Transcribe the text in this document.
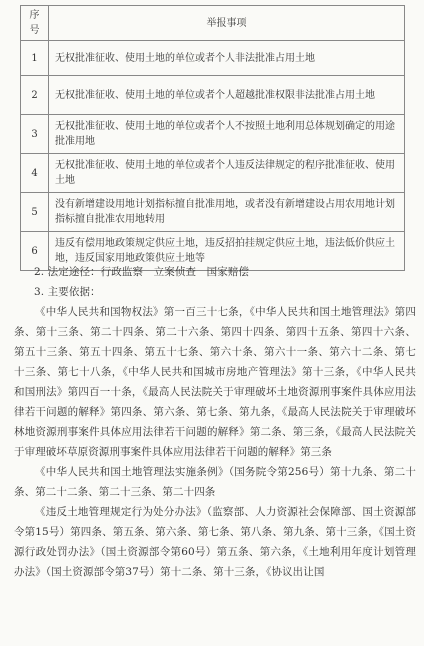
序号	举报事项
1	无权批准征收、使用土地的单位或者个人非法批准占用土地
2	无权批准征收、使用土地的单位或者个人超越批准权限非法批准占用土地
3	无权批准征收、使用土地的单位或者个人不按照土地利用总体规划确定的用途批准用地
4	无权批准征收、使用土地的单位或者个人违反法律规定的程序批准征收、使用土地
5	没有新增建设用地计划指标擅自批准用地，或者没有新增建设占用农用地计划指标擅自批准农用地转用
6	违反有偿用地政策规定供应土地，违反招拍挂规定供应土地，违法低价供应土地，违反国家用地政策供应土地等

2. 法定途径：行政监察　立案侦查　国家赔偿

3. 主要依据：

《中华人民共和国物权法》第一百三十七条，《中华人民共和国土地管理法》第四条、第十三条、第二十四条、第二十六条、第四十四条、第四十五条、第四十六条、第五十三条、第五十四条、第五十七条、第六十条、第六十一条、第六十二条、第七十三条、第七十八条，《中华人民共和国城市房地产管理法》第十三条，《中华人民共和国刑法》第四百一十条，《最高人民法院关于审理破坏土地资源刑事案件具体应用法律若干问题的解释》第四条、第六条、第七条、第九条，《最高人民法院关于审理破坏林地资源刑事案件具体应用法律若干问题的解释》第二条、第三条，《最高人民法院关于审理破坏草原资源刑事案件具体应用法律若干问题的解释》第三条

《中华人民共和国土地管理法实施条例》（国务院令第256号）第十九条、第二十条、第二十二条、第二十三条、第二十四条

《违反土地管理规定行为处分办法》（监察部、人力资源社会保障部、国土资源部令第15号）第四条、第五条、第六条、第七条、第八条、第九条、第十三条，《国土资源行政处罚办法》（国土资源部令第60号）第五条、第六条，《土地利用年度计划管理办法》（国土资源部令第37号）第十二条、第十三条，《协议出让国
